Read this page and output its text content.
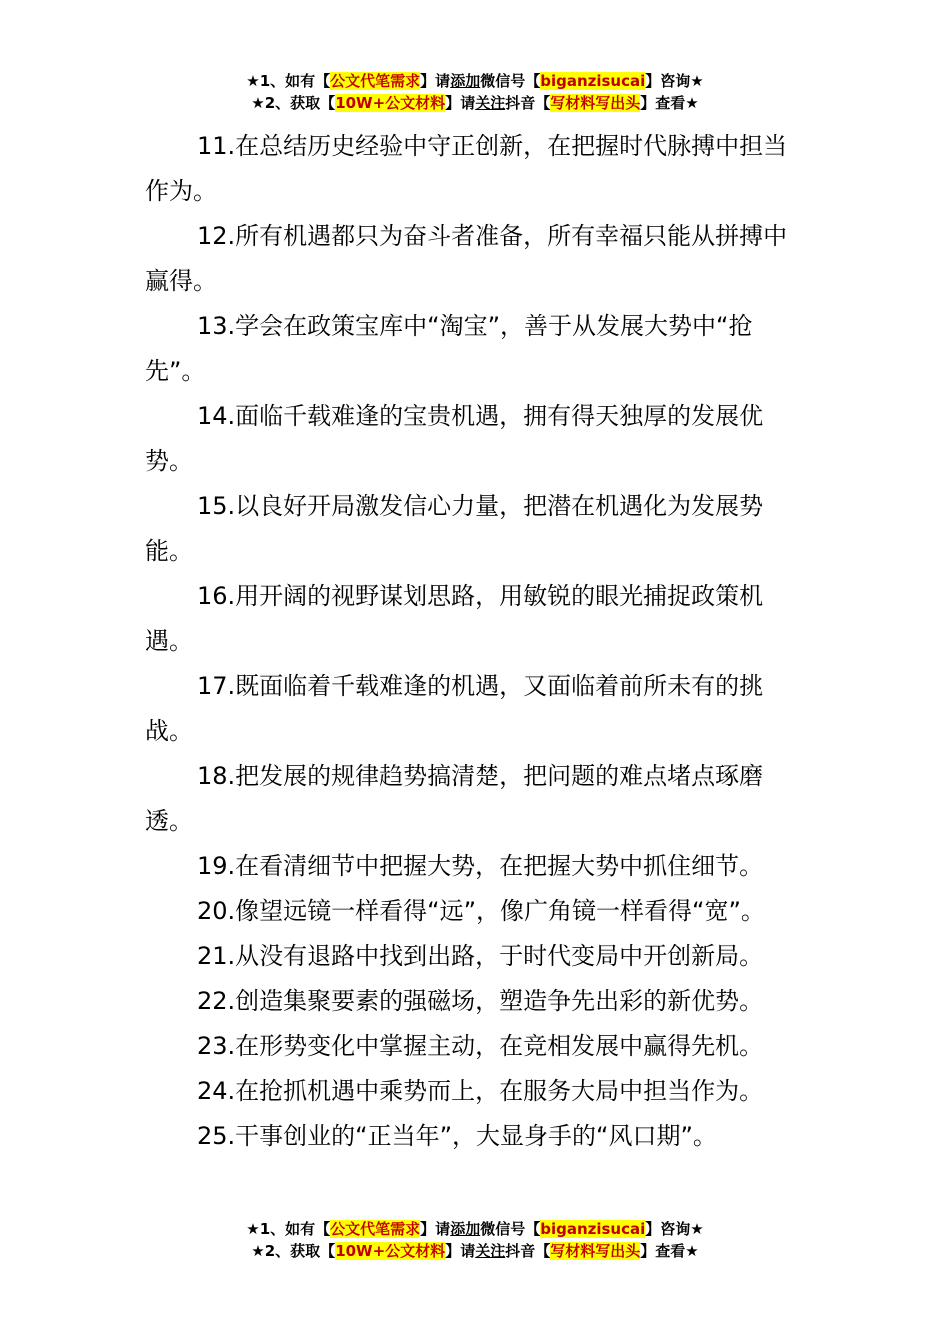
★1、如有【公文代笔需求】请添加微信号【biganzisucai】咨询★
★2、获取【10W+公文材料】请关注抖音【写材料写出头】查看★

11.在总结历史经验中守正创新，在把握时代脉搏中担当作为。

12.所有机遇都只为奋斗者准备，所有幸福只能从拼搏中赢得。

13.学会在政策宝库中“淘宝”，善于从发展大势中“抢先”。

14.面临千载难逢的宝贵机遇，拥有得天独厚的发展优势。

15.以良好开局激发信心力量，把潜在机遇化为发展势能。

16.用开阔的视野谋划思路，用敏锐的眼光捕捉政策机遇。

17.既面临着千载难逢的机遇，又面临着前所未有的挑战。

18.把发展的规律趋势搞清楚，把问题的难点堵点琢磨透。

19.在看清细节中把握大势，在把握大势中抓住细节。

20.像望远镜一样看得“远”，像广角镜一样看得“宽”。

21.从没有退路中找到出路，于时代变局中开创新局。

22.创造集聚要素的强磁场，塑造争先出彩的新优势。

23.在形势变化中掌握主动，在竞相发展中赢得先机。

24.在抢抓机遇中乘势而上，在服务大局中担当作为。

25.干事创业的“正当年”，大显身手的“风口期”。

★1、如有【公文代笔需求】请添加微信号【biganzisucai】咨询★
★2、获取【10W+公文材料】请关注抖音【写材料写出头】查看★
